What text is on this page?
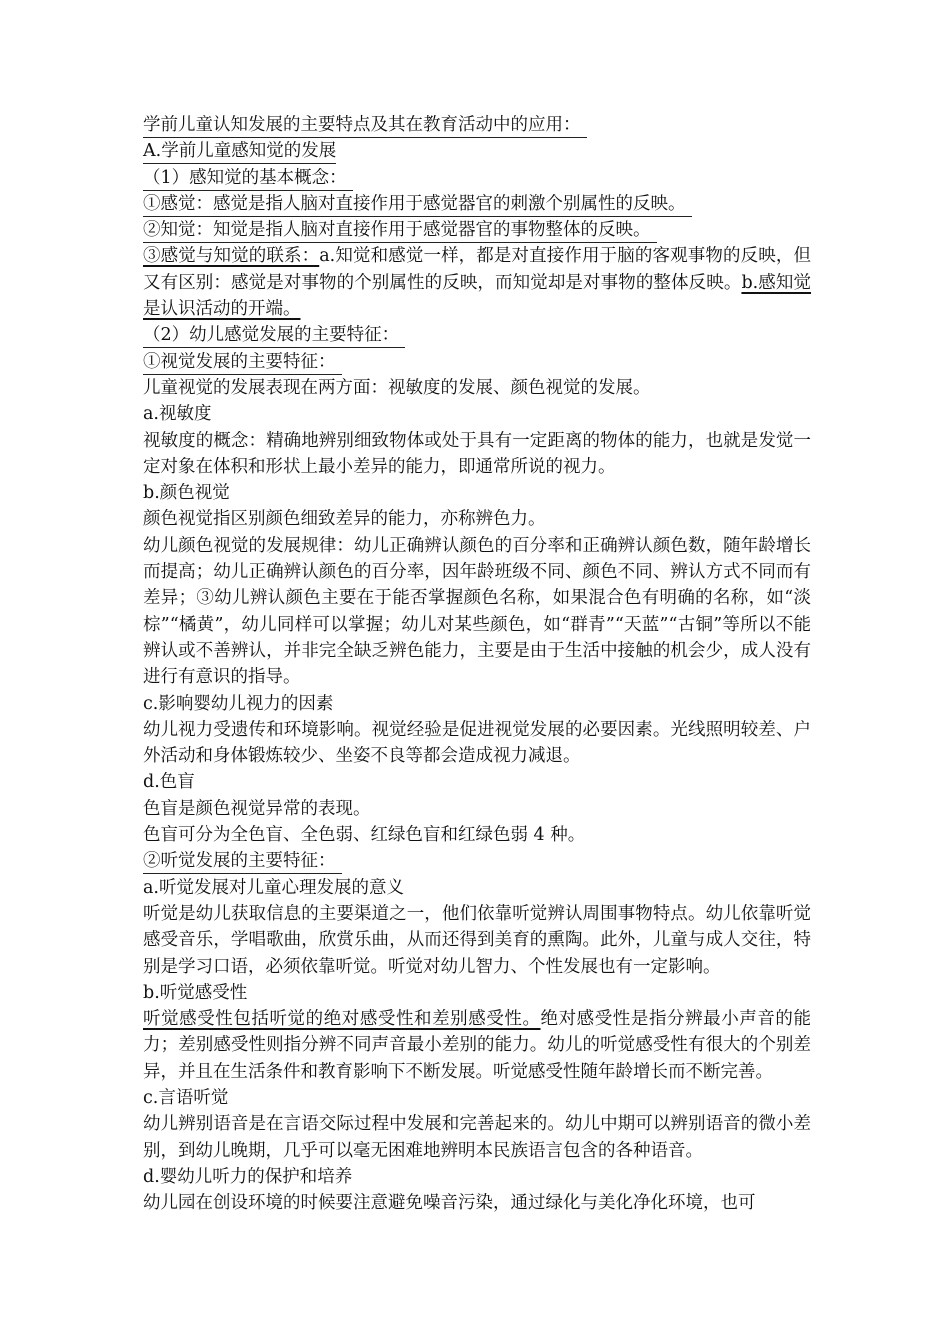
学前儿童认知发展的主要特点及其在教育活动中的应用：

A.学前儿童感知觉的发展

（1）感知觉的基本概念：

①感觉：感觉是指人脑对直接作用于感觉器官的刺激个别属性的反映。

②知觉：知觉是指人脑对直接作用于感觉器官的事物整体的反映。

③感觉与知觉的联系：a.知觉和感觉一样，都是对直接作用于脑的客观事物的反映，但又有区别：感觉是对事物的个别属性的反映，而知觉却是对事物的整体反映。b.感知觉是认识活动的开端。

（2）幼儿感觉发展的主要特征：

①视觉发展的主要特征：

儿童视觉的发展表现在两方面：视敏度的发展、颜色视觉的发展。

a.视敏度

视敏度的概念：精确地辨别细致物体或处于具有一定距离的物体的能力，也就是发觉一定对象在体积和形状上最小差异的能力，即通常所说的视力。

b.颜色视觉

颜色视觉指区别颜色细致差异的能力，亦称辨色力。

幼儿颜色视觉的发展规律：幼儿正确辨认颜色的百分率和正确辨认颜色数，随年龄增长而提高；幼儿正确辨认颜色的百分率，因年龄班级不同、颜色不同、辨认方式不同而有差异；③幼儿辨认颜色主要在于能否掌握颜色名称，如果混合色有明确的名称，如“淡棕”“橘黄”，幼儿同样可以掌握；幼儿对某些颜色，如“群青”“天蓝”“古铜”等所以不能辨认或不善辨认，并非完全缺乏辨色能力，主要是由于生活中接触的机会少，成人没有进行有意识的指导。

c.影响婴幼儿视力的因素

幼儿视力受遗传和环境影响。视觉经验是促进视觉发展的必要因素。光线照明较差、户外活动和身体锻炼较少、坐姿不良等都会造成视力减退。

d.色盲

色盲是颜色视觉异常的表现。

色盲可分为全色盲、全色弱、红绿色盲和红绿色弱 4 种。

②听觉发展的主要特征：

a.听觉发展对儿童心理发展的意义

听觉是幼儿获取信息的主要渠道之一，他们依靠听觉辨认周围事物特点。幼儿依靠听觉感受音乐，学唱歌曲，欣赏乐曲，从而还得到美育的熏陶。此外，儿童与成人交往，特别是学习口语，必须依靠听觉。听觉对幼儿智力、个性发展也有一定影响。

b.听觉感受性

听觉感受性包括听觉的绝对感受性和差别感受性。绝对感受性是指分辨最小声音的能力；差别感受性则指分辨不同声音最小差别的能力。幼儿的听觉感受性有很大的个别差异，并且在生活条件和教育影响下不断发展。听觉感受性随年龄增长而不断完善。

c.言语听觉

幼儿辨别语音是在言语交际过程中发展和完善起来的。幼儿中期可以辨别语音的微小差别，到幼儿晚期，几乎可以毫无困难地辨明本民族语言包含的各种语音。

d.婴幼儿听力的保护和培养

幼儿园在创设环境的时候要注意避免噪音污染，通过绿化与美化净化环境，也可
